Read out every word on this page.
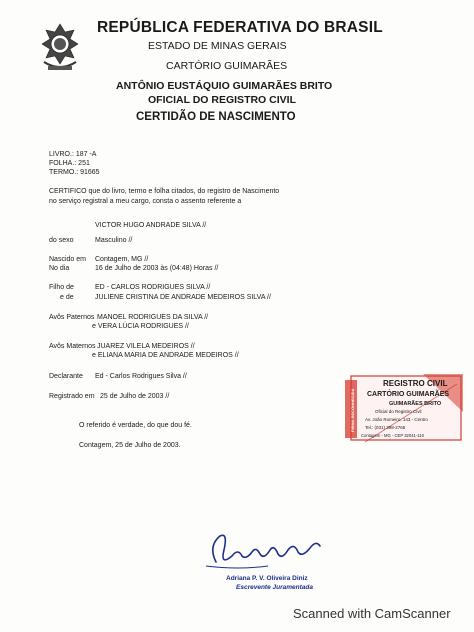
REPÚBLICA FEDERATIVA DO BRASIL
ESTADO DE MINAS GERAIS
CARTÓRIO GUIMARÃES
ANTÔNIO EUSTÁQUIO GUIMARÃES BRITO
OFICIAL DO REGISTRO CIVIL
CERTIDÃO DE NASCIMENTO
LIVRO.: 187 -A
FOLHA.: 251
TERMO.: 91665
CERTIFICO que do livro, termo e folha citados, do registro de Nascimento
no serviço registral a meu cargo, consta o assento referente a
VICTOR HUGO ANDRADE SILVA //
do sexo	Masculino //
Nascido em Contagem, MG //
No dia	16 de Julho de 2003 às (04:48) Horas //
Filho de	ED - CARLOS RODRIGUES SILVA //
e de	JULIENE CRISTINA DE ANDRADE MEDEIROS SILVA //
Avôs Paternos MANOEL RODRIGUES DA SILVA //
e VERA LÚCIA RODRIGUES //
Avôs Maternos JUAREZ VILELA MEDEIROS //
e ELIANA MARIA DE ANDRADE MEDEIROS //
Declarante Ed - Carlos Rodrigues Silva //
Registrado em 25 de Julho de 2003 //
O referido é verdade, do que dou fé.
Contagem, 25 de Julho de 2003.
REGISTRO CIVIL
CARTÓRIO GUIMARÃES
GUIMARÃES BRITO
Oficial do Registro Civil
Av. João Romeiro, 143 - Centro
Tel.: (031) 398-2765
Contagem - MG - CEP 32041-110
FIRMA RECONHECIDA
Adriana
Adriana P. V. Oliveira Diniz
Escrevente Juramentada
Scanned with CamScanner
